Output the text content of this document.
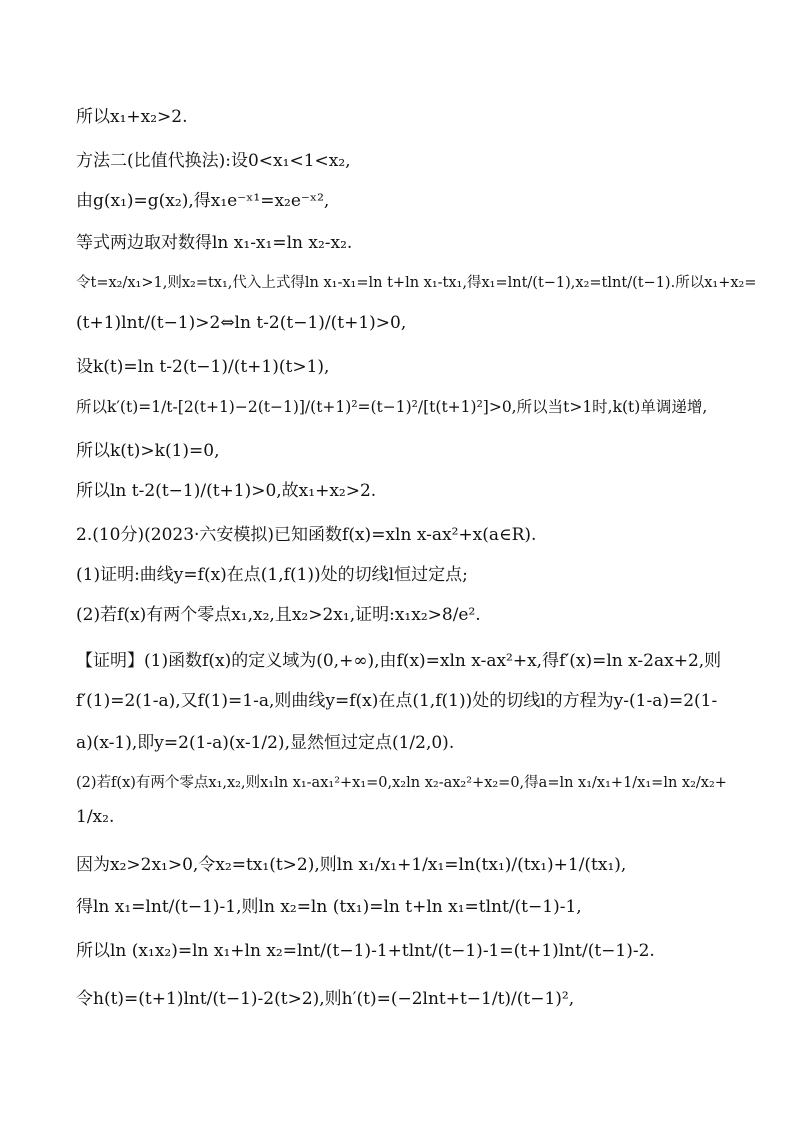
所以x₁+x₂>2.
方法二(比值代换法):设0<x₁<1<x₂,
由g(x₁)=g(x₂),得x₁e⁻ˣ¹=x₂e⁻ˣ²,
等式两边取对数得ln x₁-x₁=ln x₂-x₂.
令t=x₂/x₁>1,则x₂=tx₁,代入上式得ln x₁-x₁=ln t+ln x₁-tx₁,得x₁=lnt/(t−1),x₂=tlnt/(t−1).所以x₁+x₂=
(t+1)lnt/(t−1)>2⇔ln t-2(t−1)/(t+1)>0,
设k(t)=ln t-2(t−1)/(t+1)(t>1),
所以k′(t)=1/t-[2(t+1)−2(t−1)]/(t+1)²=(t−1)²/[t(t+1)²]>0,所以当t>1时,k(t)单调递增,
所以k(t)>k(1)=0,
所以ln t-2(t−1)/(t+1)>0,故x₁+x₂>2.
2.(10分)(2023·六安模拟)已知函数f(x)=xln x-ax²+x(a∈R).
(1)证明:曲线y=f(x)在点(1,f(1))处的切线l恒过定点;
(2)若f(x)有两个零点x₁,x₂,且x₂>2x₁,证明:x₁x₂>8/e².
【证明】(1)函数f(x)的定义域为(0,+∞),由f(x)=xln x-ax²+x,得f′(x)=ln x-2ax+2,则
f′(1)=2(1-a),又f(1)=1-a,则曲线y=f(x)在点(1,f(1))处的切线l的方程为y-(1-a)=2(1-
a)(x-1),即y=2(1-a)(x-1/2),显然恒过定点(1/2,0).
(2)若f(x)有两个零点x₁,x₂,则x₁ln x₁-ax₁²+x₁=0,x₂ln x₂-ax₂²+x₂=0,得a=ln x₁/x₁+1/x₁=ln x₂/x₂+
1/x₂.
因为x₂>2x₁>0,令x₂=tx₁(t>2),则ln x₁/x₁+1/x₁=ln(tx₁)/(tx₁)+1/(tx₁),
得ln x₁=lnt/(t−1)-1,则ln x₂=ln (tx₁)=ln t+ln x₁=tlnt/(t−1)-1,
所以ln (x₁x₂)=ln x₁+ln x₂=lnt/(t−1)-1+tlnt/(t−1)-1=(t+1)lnt/(t−1)-2.
令h(t)=(t+1)lnt/(t−1)-2(t>2),则h′(t)=(−2lnt+t−1/t)/(t−1)²,
